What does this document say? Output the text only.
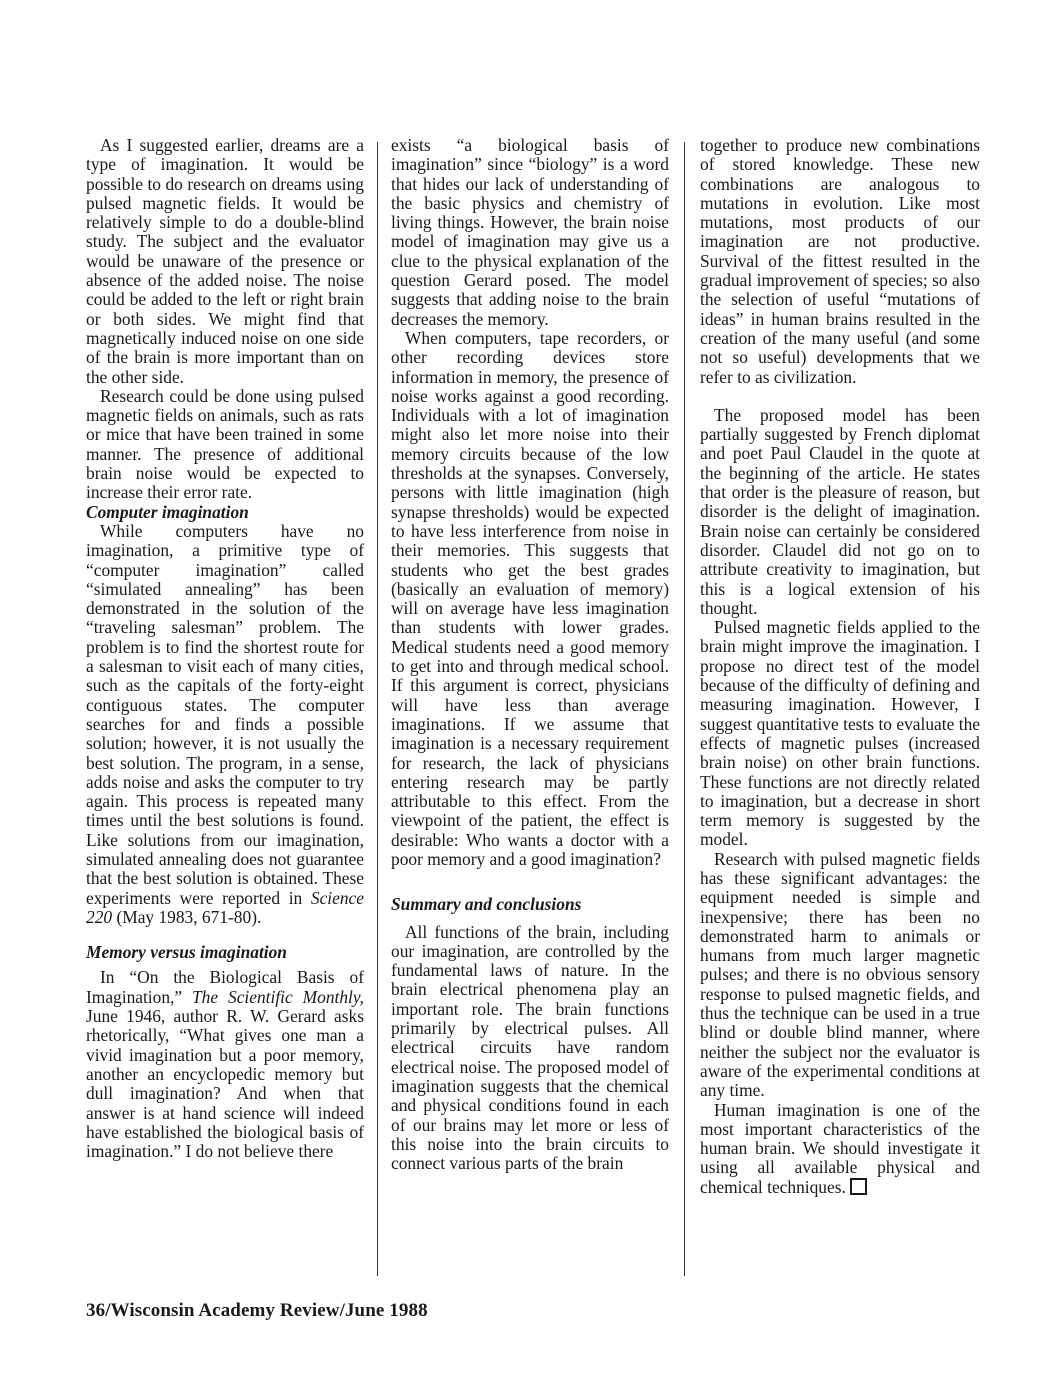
As I suggested earlier, dreams are a type of imagination. It would be possible to do research on dreams using pulsed magnetic fields. It would be relatively simple to do a double-blind study. The subject and the evaluator would be unaware of the presence or absence of the added noise. The noise could be added to the left or right brain or both sides. We might find that magnetically induced noise on one side of the brain is more important than on the other side.

Research could be done using pulsed magnetic fields on animals, such as rats or mice that have been trained in some manner. The presence of additional brain noise would be expected to increase their error rate.

Computer imagination

While computers have no imagination, a primitive type of “computer imagination” called “simulated annealing” has been demonstrated in the solution of the “traveling salesman” problem. The problem is to find the shortest route for a salesman to visit each of many cities, such as the capitals of the forty-eight contiguous states. The computer searches for and finds a possible solution; however, it is not usually the best solution. The program, in a sense, adds noise and asks the computer to try again. This process is repeated many times until the best solutions is found. Like solutions from our imagination, simulated annealing does not guarantee that the best solution is obtained. These experiments were reported in Science 220 (May 1983, 671-80).

Memory versus imagination

In “On the Biological Basis of Imagination,” The Scientific Monthly, June 1946, author R. W. Gerard asks rhetorically, “What gives one man a vivid imagination but a poor memory, another an encyclopedic memory but dull imagination? And when that answer is at hand science will indeed have established the biological basis of imagination.” I do not believe there

exists “a biological basis of imagination” since “biology” is a word that hides our lack of understanding of the basic physics and chemistry of living things. However, the brain noise model of imagination may give us a clue to the physical explanation of the question Gerard posed. The model suggests that adding noise to the brain decreases the memory.

When computers, tape recorders, or other recording devices store information in memory, the presence of noise works against a good recording. Individuals with a lot of imagination might also let more noise into their memory circuits because of the low thresholds at the synapses. Conversely, persons with little imagination (high synapse thresholds) would be expected to have less interference from noise in their memories. This suggests that students who get the best grades (basically an evaluation of memory) will on average have less imagination than students with lower grades. Medical students need a good memory to get into and through medical school. If this argument is correct, physicians will have less than average imaginations. If we assume that imagination is a necessary requirement for research, the lack of physicians entering research may be partly attributable to this effect. From the viewpoint of the patient, the effect is desirable: Who wants a doctor with a poor memory and a good imagination?

Summary and conclusions

All functions of the brain, including our imagination, are controlled by the fundamental laws of nature. In the brain electrical phenomena play an important role. The brain functions primarily by electrical pulses. All electrical circuits have random electrical noise. The proposed model of imagination suggests that the chemical and physical conditions found in each of our brains may let more or less of this noise into the brain circuits to connect various parts of the brain

together to produce new combinations of stored knowledge. These new combinations are analogous to mutations in evolution. Like most mutations, most products of our imagination are not productive. Survival of the fittest resulted in the gradual improvement of species; so also the selection of useful “mutations of ideas” in human brains resulted in the creation of the many useful (and some not so useful) developments that we refer to as civilization.

The proposed model has been partially suggested by French diplomat and poet Paul Claudel in the quote at the beginning of the article. He states that order is the pleasure of reason, but disorder is the delight of imagination. Brain noise can certainly be considered disorder. Claudel did not go on to attribute creativity to imagination, but this is a logical extension of his thought.

Pulsed magnetic fields applied to the brain might improve the imagination. I propose no direct test of the model because of the difficulty of defining and measuring imagination. However, I suggest quantitative tests to evaluate the effects of magnetic pulses (increased brain noise) on other brain functions. These functions are not directly related to imagination, but a decrease in short term memory is suggested by the model.

Research with pulsed magnetic fields has these significant advantages: the equipment needed is simple and inexpensive; there has been no demonstrated harm to animals or humans from much larger magnetic pulses; and there is no obvious sensory response to pulsed magnetic fields, and thus the technique can be used in a true blind or double blind manner, where neither the subject nor the evaluator is aware of the experimental conditions at any time.

Human imagination is one of the most important characteristics of the human brain. We should investigate it using all available physical and chemical techniques.

36/Wisconsin Academy Review/June 1988
